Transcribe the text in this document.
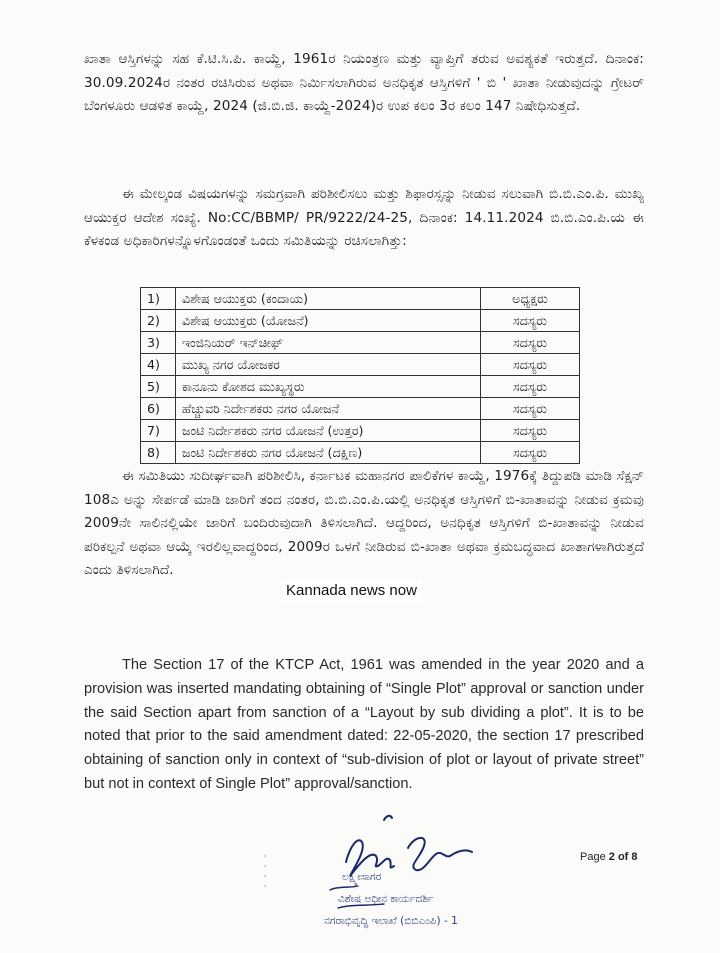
ಖಾತಾ ಆಸ್ತಿಗಳನ್ನು ಸಹ ಕೆ.ಟಿ.ಸಿ.ಪಿ. ಕಾಯ್ದೆ, 1961ರ ನಿಯಂತ್ರಣ ಮತ್ತು ವ್ಯಾಪ್ತಿಗೆ ತರುವ ಅವಶ್ಯಕತೆ ಇರುತ್ತದೆ. ದಿನಾಂಕ: 30.09.2024ರ ನಂತರ ರಚಿಸಿರುವ ಅಥವಾ ನಿರ್ಮಿಸಲಾಗಿರುವ ಅನಧಿಕೃತ ಆಸ್ತಿಗಳಿಗೆ ' ಬಿ ' ಖಾತಾ ನೀಡುವುದನ್ನು ಗ್ರೇಟರ್ ಬೆಂಗಳೂರು ಆಡಳಿತ ಕಾಯ್ದೆ, 2024 (ಜಿ.ಬಿ.ಜಿ. ಕಾಯ್ದೆ-2024)ರ ಉಪ ಕಲಂ 3ರ ಕಲಂ 147 ನಿಷೇಧಿಸುತ್ತದೆ.

ಈ ಮೇಲ್ಕಂಡ ವಿಷಯಗಳನ್ನು ಸಮಗ್ರವಾಗಿ ಪರಿಶೀಲಿಸಲು ಮತ್ತು ಶಿಫಾರಸ್ಸನ್ನು ನೀಡುವ ಸಲುವಾಗಿ ಬಿ.ಬಿ.ಎಂ.ಪಿ. ಮುಖ್ಯ ಆಯುಕ್ತರ ಆದೇಶ ಸಂಖ್ಯೆ. No:CC/BBMP/ PR/9222/24-25, ದಿನಾಂಕ: 14.11.2024 ಬಿ.ಬಿ.ಎಂ.ಪಿ.ಯ ಈ ಕೆಳಕಂಡ ಅಧಿಕಾರಿಗಳನ್ನೊಳಗೊಂಡಂತೆ ಒಂದು ಸಮಿತಿಯನ್ನು ರಚಿಸಲಾಗಿತ್ತು:

1)	ವಿಶೇಷ ಆಯುಕ್ತರು (ಕಂದಾಯ)	ಅಧ್ಯಕ್ಷರು
2)	ವಿಶೇಷ ಆಯುಕ್ತರು (ಯೋಜನೆ)	ಸದಸ್ಯರು
3)	ಇಂಜಿನಿಯರ್ ಇನ್‌ಚೀಫ್	ಸದಸ್ಯರು
4)	ಮುಖ್ಯ ನಗರ ಯೋಜಕರ	ಸದಸ್ಯರು
5)	ಕಾನೂನು ಕೋಶದ ಮುಖ್ಯಸ್ಥರು	ಸದಸ್ಯರು
6)	ಹೆಚ್ಚುವರಿ ನಿರ್ದೇಶಕರು ನಗರ ಯೋಜನೆ	ಸದಸ್ಯರು
7)	ಜಂಟಿ ನಿರ್ದೇಶಕರು ನಗರ ಯೋಜನೆ (ಉತ್ತರ)	ಸದಸ್ಯರು
8)	ಜಂಟಿ ನಿರ್ದೇಶಕರು ನಗರ ಯೋಜನೆ (ದಕ್ಷಿಣ)	ಸದಸ್ಯರು

ಈ ಸಮಿತಿಯು ಸುದೀರ್ಘವಾಗಿ ಪರಿಶೀಲಿಸಿ, ಕರ್ನಾಟಕ ಮಹಾನಗರ ಪಾಲಿಕೆಗಳ ಕಾಯ್ದೆ, 1976ಕ್ಕೆ ತಿದ್ದುಪಡಿ ಮಾಡಿ ಸೆಕ್ಷನ್ 108ಎ ಅನ್ನು ಸೇರ್ಪಡೆ ಮಾಡಿ ಜಾರಿಗೆ ತಂದ ನಂತರ, ಬಿ.ಬಿ.ಎಂ.ಪಿ.ಯಲ್ಲಿ ಅನಧಿಕೃತ ಆಸ್ತಿಗಳಿಗೆ ಬಿ-ಖಾತಾವನ್ನು ನೀಡುವ ಕ್ರಮವು 2009ನೇ ಸಾಲಿನಲ್ಲಿಯೇ ಜಾರಿಗೆ ಬಂದಿರುವುದಾಗಿ ತಿಳಿಸಲಾಗಿದೆ. ಆದ್ದರಿಂದ, ಅನಧಿಕೃತ ಆಸ್ತಿಗಳಿಗೆ ಬಿ-ಖಾತಾವನ್ನು ನೀಡುವ ಪರಿಕಲ್ಪನೆ ಅಥವಾ ಆಯ್ಕೆ ಇರಲಿಲ್ಲವಾದ್ದರಿಂದ, 2009ರ ಒಳಗೆ ನೀಡಿರುವ ಬಿ-ಖಾತಾ ಅಥವಾ ಕ್ರಮಬದ್ಧವಾದ ಖಾತಾಗಳಾಗಿರುತ್ತದೆ ಎಂದು ತಿಳಿಸಲಾಗಿದೆ.

Kannada news now

The Section 17 of the KTCP Act, 1961 was amended in the year 2020 and a provision was inserted mandating obtaining of “Single Plot” approval or sanction under the said Section apart from sanction of a “Layout by sub dividing a plot”. It is to be noted that prior to the said amendment dated: 22-05-2020, the section 17 prescribed obtaining of sanction only in context of “sub-division of plot or layout of private street” but not in context of Single Plot” approval/sanction.

ಲಕ್ಷ್ಮೀಸಾಗರ
ವಿಶೇಷ ಅಧೀನ ಕಾರ್ಯದರ್ಶಿ
ನಗರಾಭಿವೃದ್ಧಿ ಇಲಾಖೆ (ಬಿಬಿಎಂಪಿ) - 1
Page 2 of 8
